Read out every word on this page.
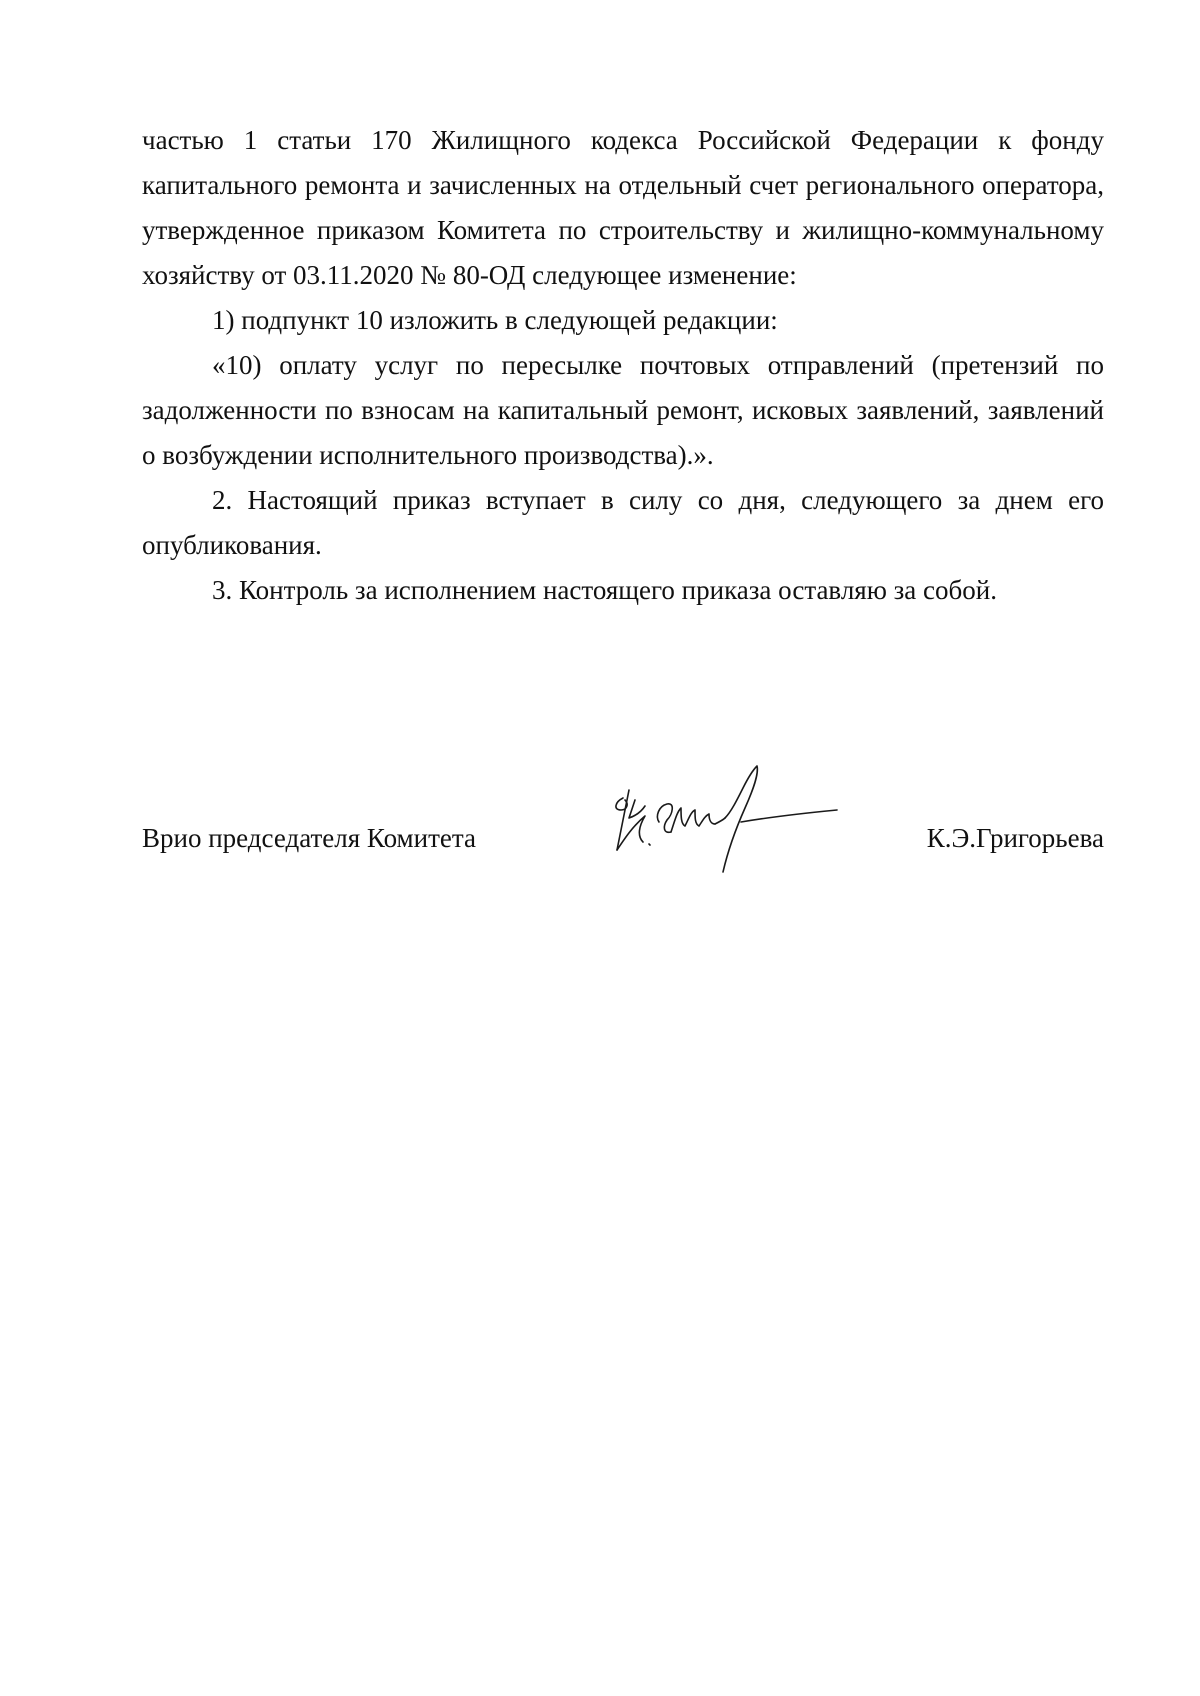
частью 1 статьи 170 Жилищного кодекса Российской Федерации к фонду капитального ремонта и зачисленных на отдельный счет регионального оператора, утвержденное приказом Комитета по строительству и жилищно-коммунальному хозяйству от 03.11.2020 № 80-ОД следующее изменение:

1) подпункт 10 изложить в следующей редакции:

«10) оплату услуг по пересылке почтовых отправлений (претензий по задолженности по взносам на капитальный ремонт, исковых заявлений, заявлений о возбуждении исполнительного производства).».

2. Настоящий приказ вступает в силу со дня, следующего за днем его опубликования.

3. Контроль за исполнением настоящего приказа оставляю за собой.

Врио председателя Комитета	К.Э.Григорьева
